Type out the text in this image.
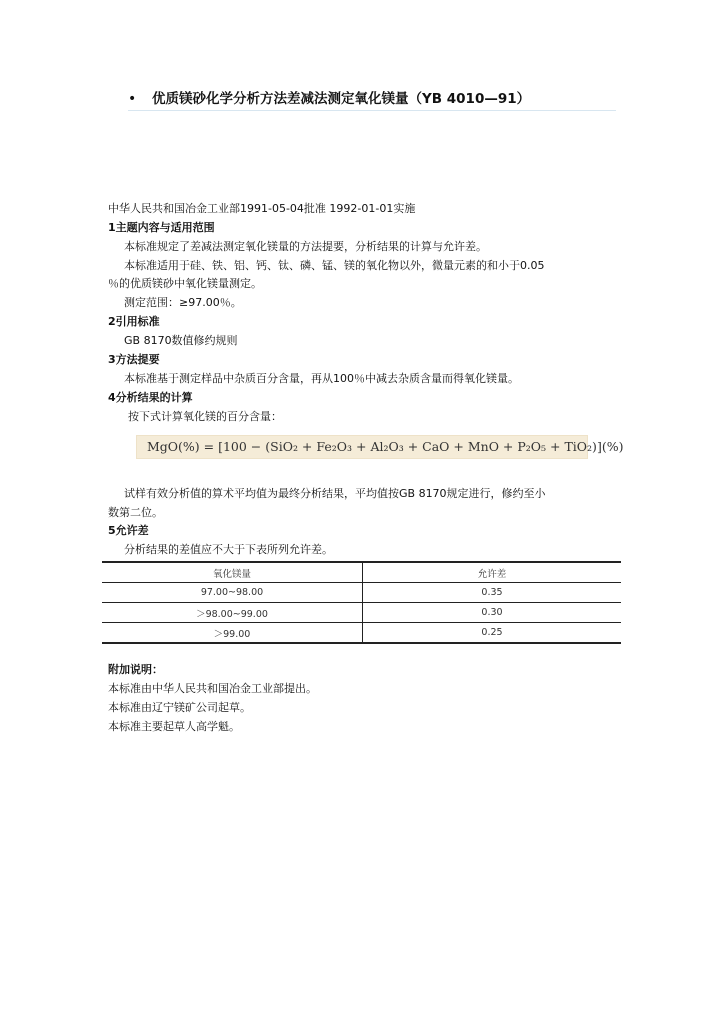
• 优质镁砂化学分析方法差减法测定氧化镁量（YB 4010—91）
中华人民共和国冶金工业部1991-05-04批准 1992-01-01实施
1主题内容与适用范围
本标准规定了差减法测定氧化镁量的方法提要，分析结果的计算与允许差。
本标准适用于硅、铁、铝、钙、钛、磷、锰、镁的氧化物以外，微量元素的和小于0.05
％的优质镁砂中氧化镁量测定。
测定范围：≥97.00％。
2引用标准
GB 8170数值修约规则
3方法提要
本标准基于测定样品中杂质百分含量，再从100％中减去杂质含量而得氧化镁量。
4分析结果的计算
按下式计算氧化镁的百分含量：
MgO(%) = [100 − (SiO₂ + Fe₂O₃ + Al₂O₃ + CaO + MnO + P₂O₅ + TiO₂)](%)
试样有效分析值的算术平均值为最终分析结果，平均值按GB 8170规定进行，修约至小
数第二位。
5允许差
分析结果的差值应不大于下表所列允许差。
氧化镁量	允许差
97.00~98.00	0.35
＞98.00~99.00	0.30
＞99.00	0.25
附加说明：
本标准由中华人民共和国冶金工业部提出。
本标准由辽宁镁矿公司起草。
本标准主要起草人高学魁。
